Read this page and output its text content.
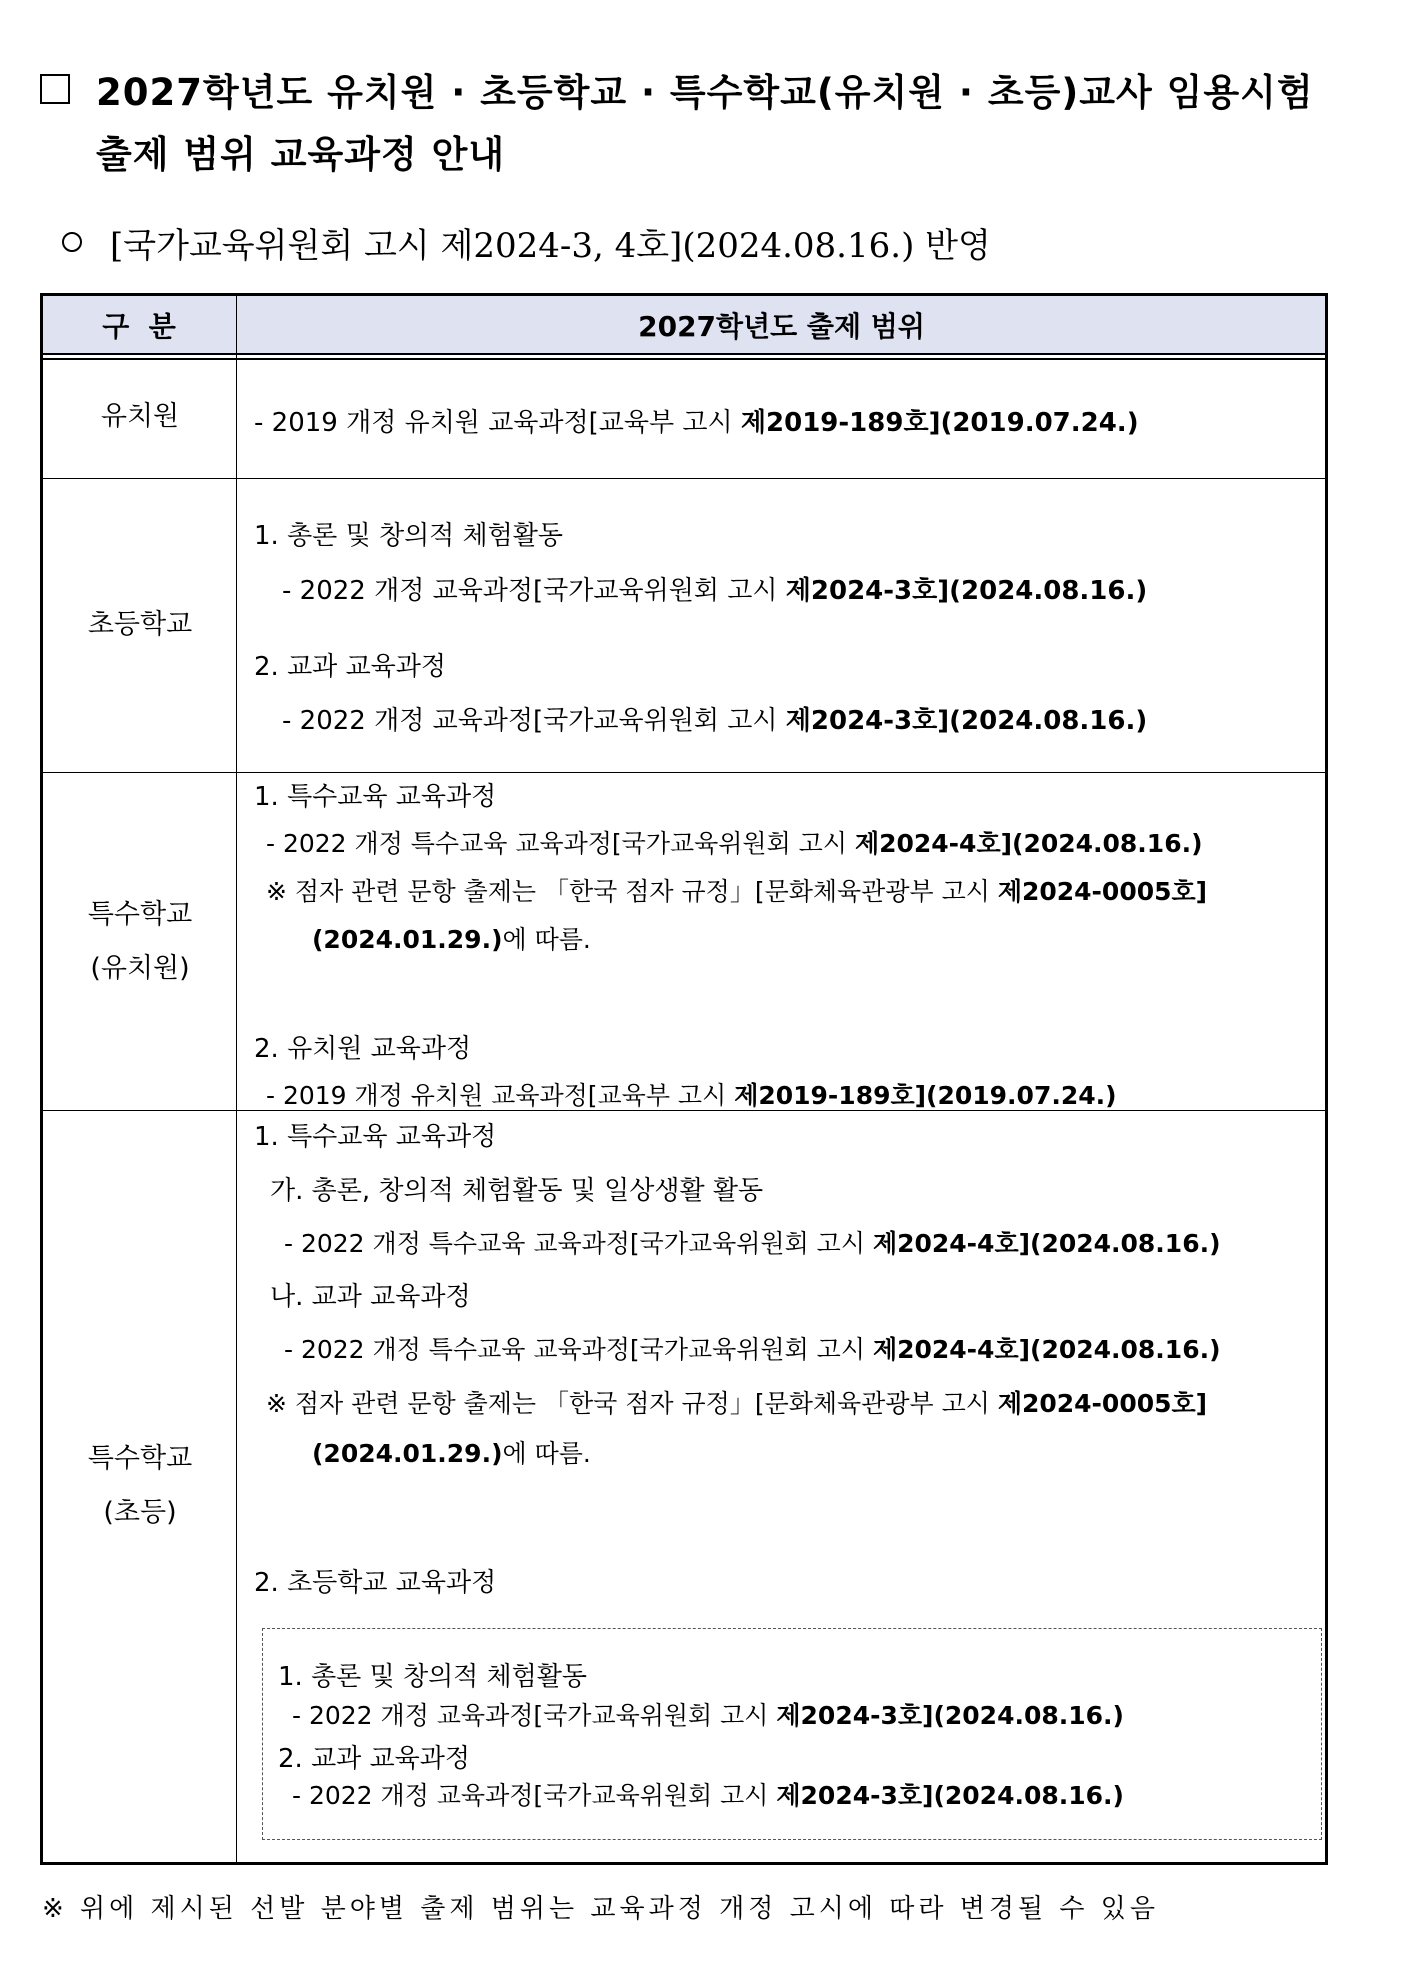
2027학년도 유치원 · 초등학교 · 특수학교(유치원 · 초등)교사 임용시험
출제 범위 교육과정 안내
[국가교육위원회 고시 제2024-3, 4호](2024.08.16.) 반영
구  분	2027학년도 출제 범위
유치원	- 2019 개정 유치원 교육과정[교육부 고시 제2019-189호](2019.07.24.)
초등학교
1. 총론 및 창의적 체험활동
- 2022 개정 교육과정[국가교육위원회 고시 제2024-3호](2024.08.16.)
2. 교과 교육과정
- 2022 개정 교육과정[국가교육위원회 고시 제2024-3호](2024.08.16.)
특수학교
(유치원)
1. 특수교육 교육과정
- 2022 개정 특수교육 교육과정[국가교육위원회 고시 제2024-4호](2024.08.16.)
※ 점자 관련 문항 출제는 「한국 점자 규정」[문화체육관광부 고시 제2024-0005호]
(2024.01.29.)에 따름.
2. 유치원 교육과정
- 2019 개정 유치원 교육과정[교육부 고시 제2019-189호](2019.07.24.)
특수학교
(초등)
1. 특수교육 교육과정
가. 총론, 창의적 체험활동 및 일상생활 활동
- 2022 개정 특수교육 교육과정[국가교육위원회 고시 제2024-4호](2024.08.16.)
나. 교과 교육과정
- 2022 개정 특수교육 교육과정[국가교육위원회 고시 제2024-4호](2024.08.16.)
※ 점자 관련 문항 출제는 「한국 점자 규정」[문화체육관광부 고시 제2024-0005호]
(2024.01.29.)에 따름.
2. 초등학교 교육과정
1. 총론 및 창의적 체험활동
- 2022 개정 교육과정[국가교육위원회 고시 제2024-3호](2024.08.16.)
2. 교과 교육과정
- 2022 개정 교육과정[국가교육위원회 고시 제2024-3호](2024.08.16.)
※ 위에 제시된 선발 분야별 출제 범위는 교육과정 개정 고시에 따라 변경될 수 있음
